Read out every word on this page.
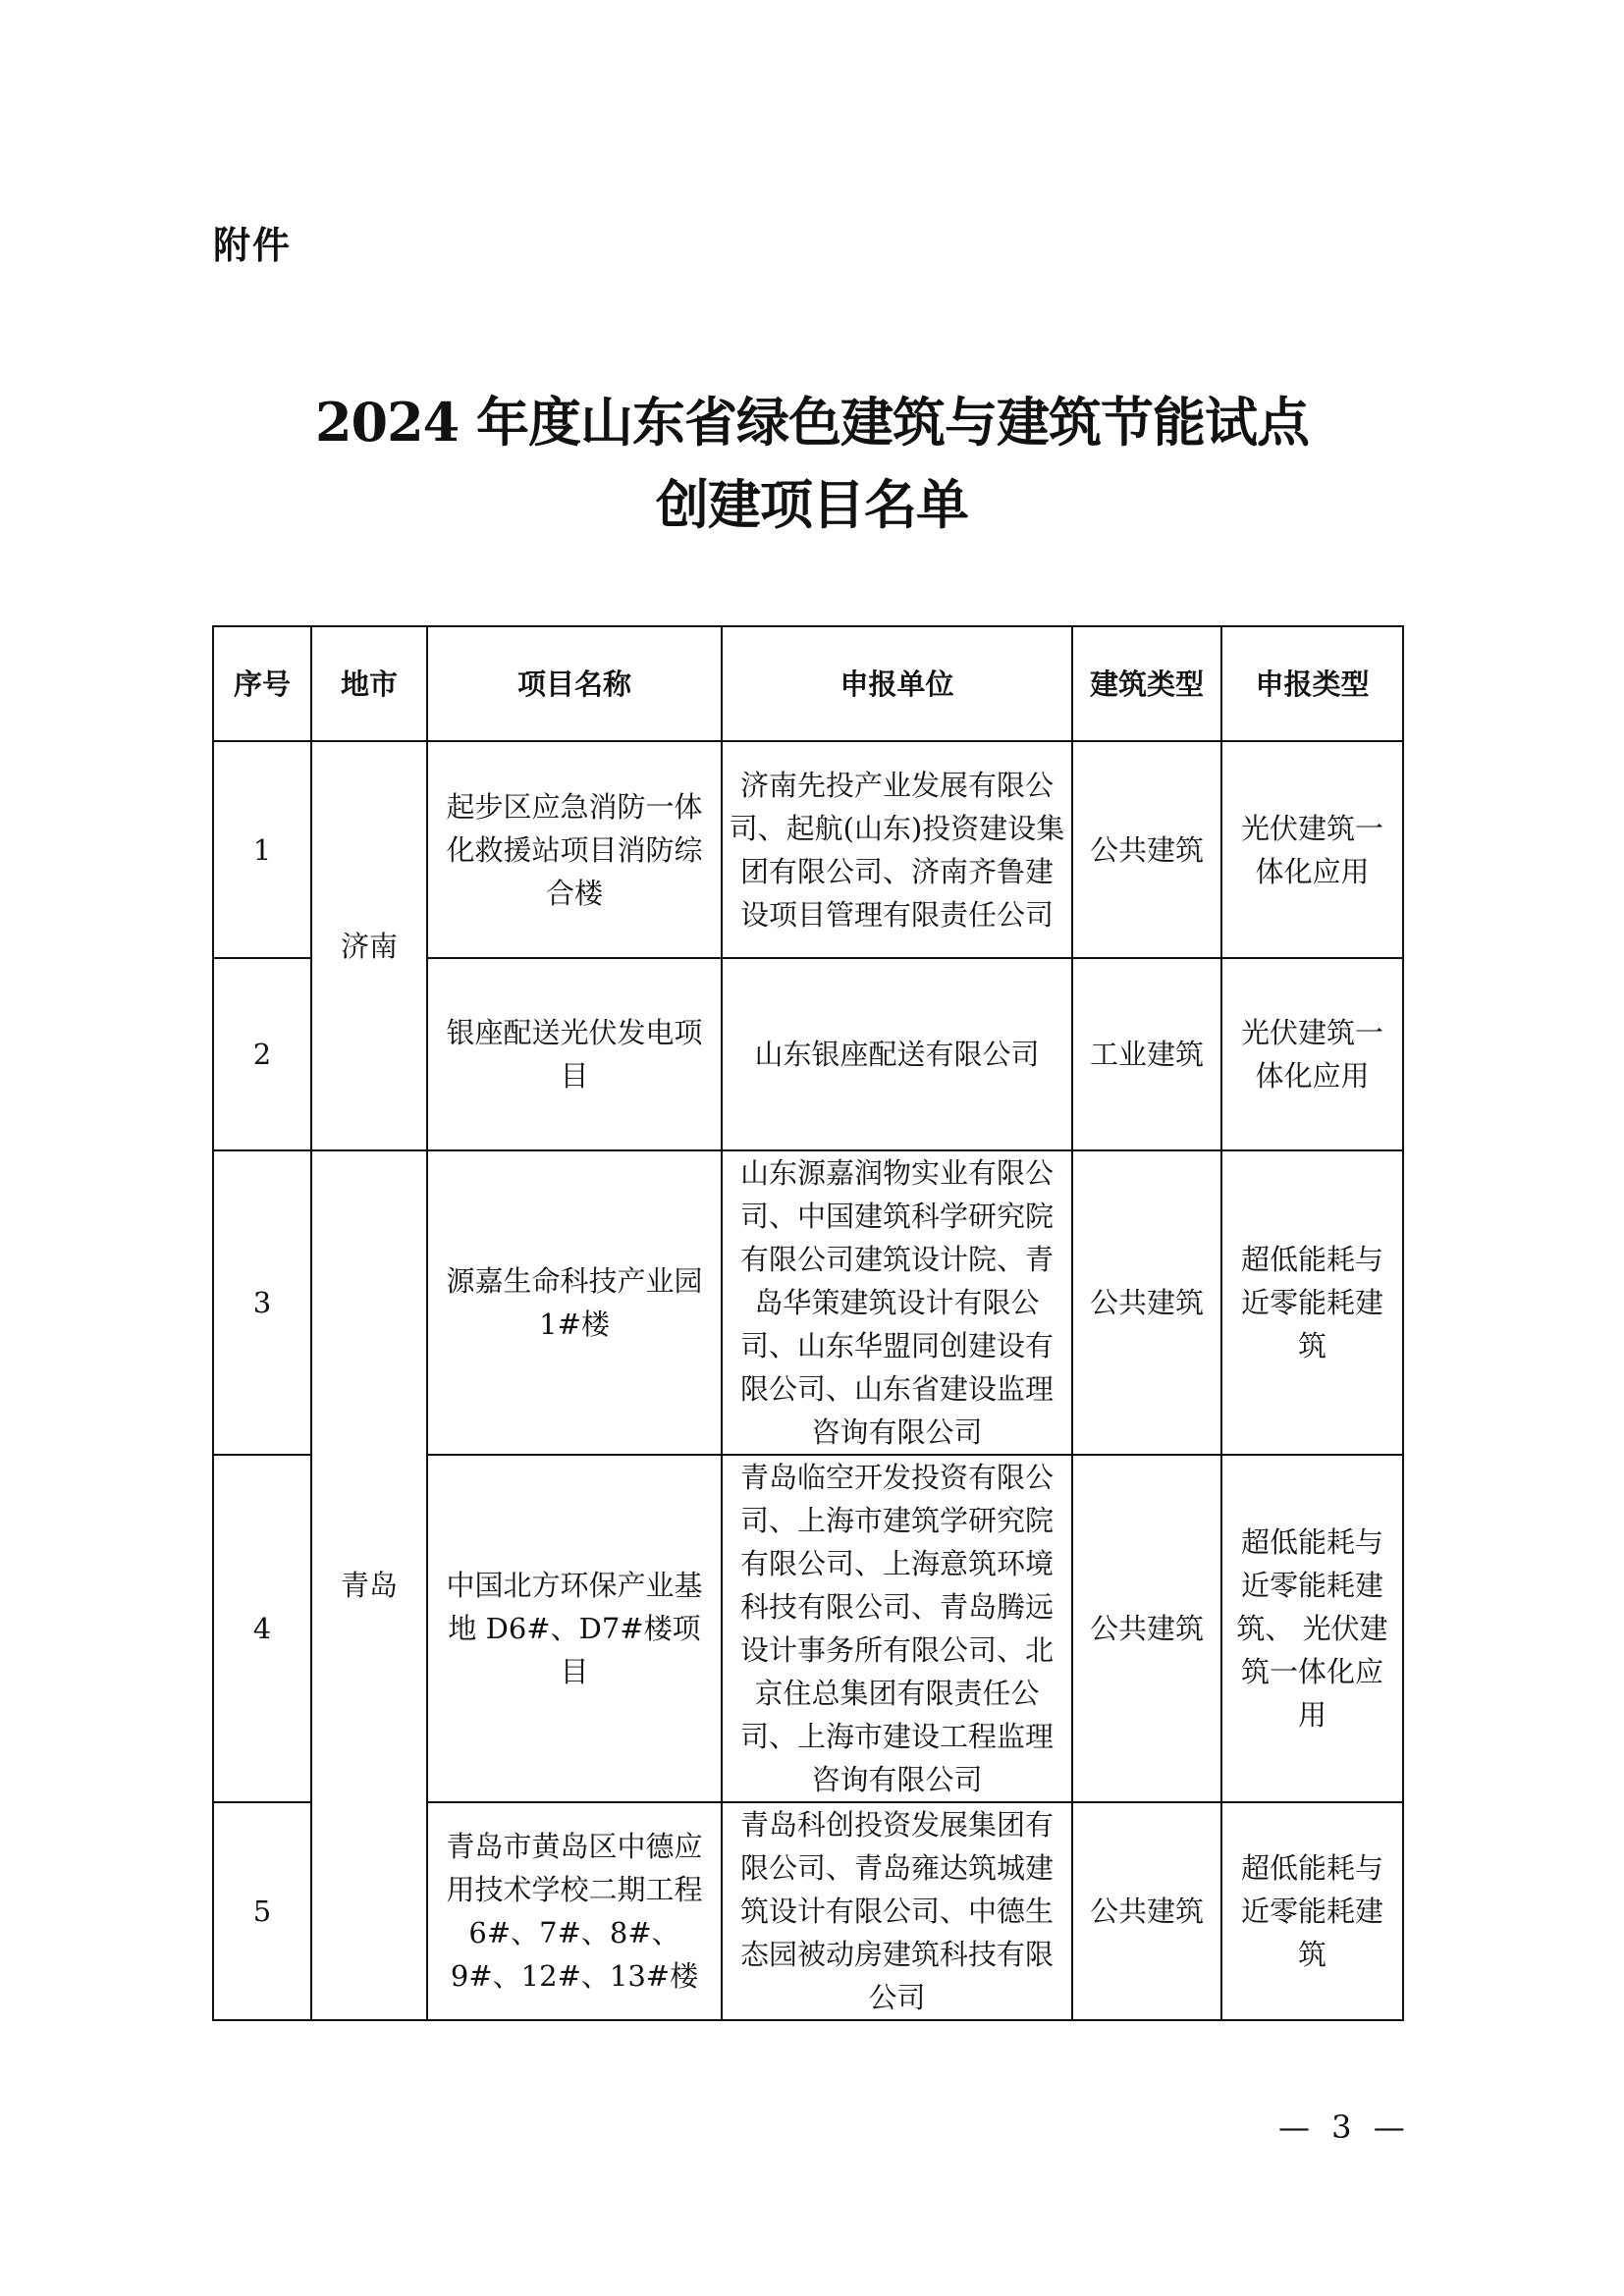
附件
2024 年度山东省绿色建筑与建筑节能试点
创建项目名单
序号	地市	项目名称	申报单位	建筑类型	申报类型
1	济南	起步区应急消防一体化救援站项目消防综合楼	济南先投产业发展有限公司、起航(山东)投资建设集团有限公司、济南齐鲁建设项目管理有限责任公司	公共建筑	光伏建筑一体化应用
2		银座配送光伏发电项目	山东银座配送有限公司	工业建筑	光伏建筑一体化应用
3	青岛	源嘉生命科技产业园1#楼	山东源嘉润物实业有限公司、中国建筑科学研究院有限公司建筑设计院、青岛华策建筑设计有限公司、山东华盟同创建设有限公司、山东省建设监理咨询有限公司	公共建筑	超低能耗与近零能耗建筑
4		中国北方环保产业基地 D6#、D7#楼项目	青岛临空开发投资有限公司、上海市建筑学研究院有限公司、上海意筑环境科技有限公司、青岛腾远设计事务所有限公司、北京住总集团有限责任公司、上海市建设工程监理咨询有限公司	公共建筑	超低能耗与近零能耗建筑、 光伏建筑一体化应用
5		青岛市黄岛区中德应用技术学校二期工程6#、7#、8#、9#、12#、13#楼	青岛科创投资发展集团有限公司、青岛雍达筑城建筑设计有限公司、中德生态园被动房建筑科技有限公司	公共建筑	超低能耗与近零能耗建筑
— 3 —
